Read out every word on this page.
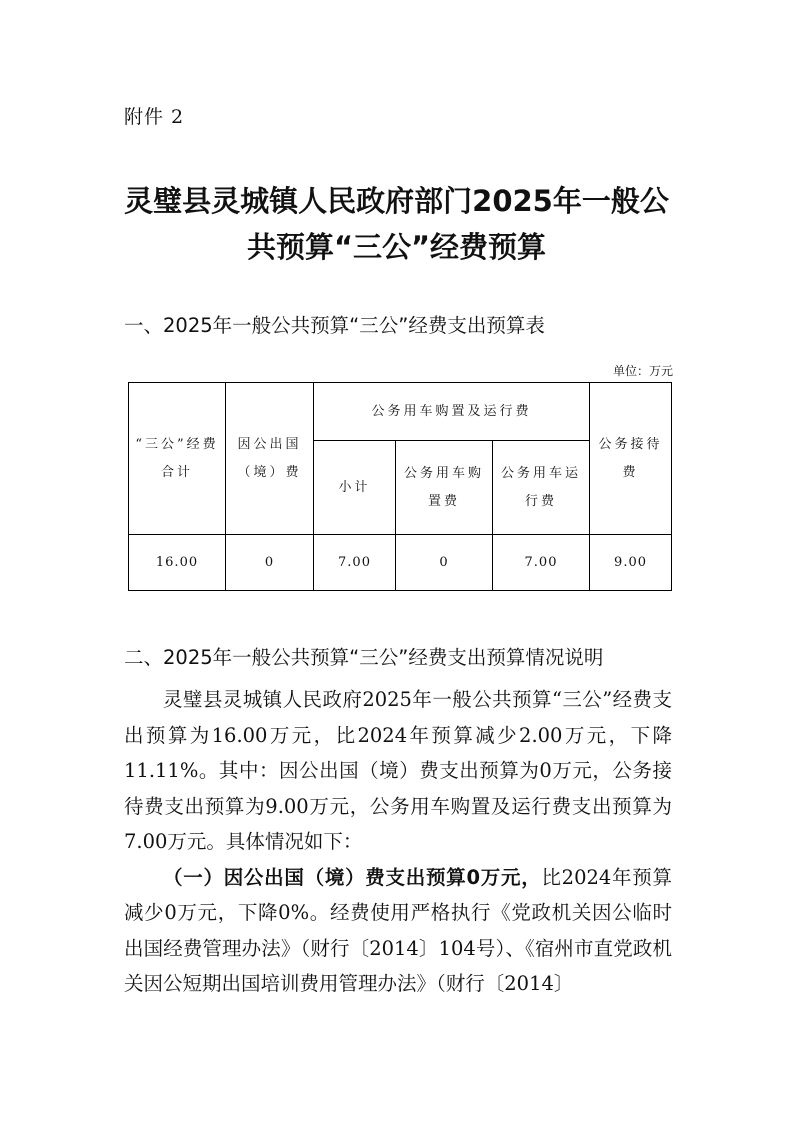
附件 2
灵璧县灵城镇人民政府部门2025年一般公
共预算“三公”经费预算
一、2025年一般公共预算“三公”经费支出预算表
单位：万元
“三公”经费合计	因公出国（境）费	公务用车购置及运行费			公务接待费
		小计	公务用车购置费	公务用车运行费	
16.00	0	7.00	0	7.00	9.00
二、2025年一般公共预算“三公”经费支出预算情况说明

灵璧县灵城镇人民政府2025年一般公共预算“三公”经费支出预算为16.00万元，比2024年预算减少2.00万元，下降11.11%。其中：因公出国（境）费支出预算为0万元，公务接待费支出预算为9.00万元，公务用车购置及运行费支出预算为7.00万元。具体情况如下：

（一）因公出国（境）费支出预算0万元，比2024年预算减少0万元，下降0%。经费使用严格执行《党政机关因公临时出国经费管理办法》（财行〔2014〕104号）、《宿州市直党政机关因公短期出国培训费用管理办法》（财行〔2014〕
